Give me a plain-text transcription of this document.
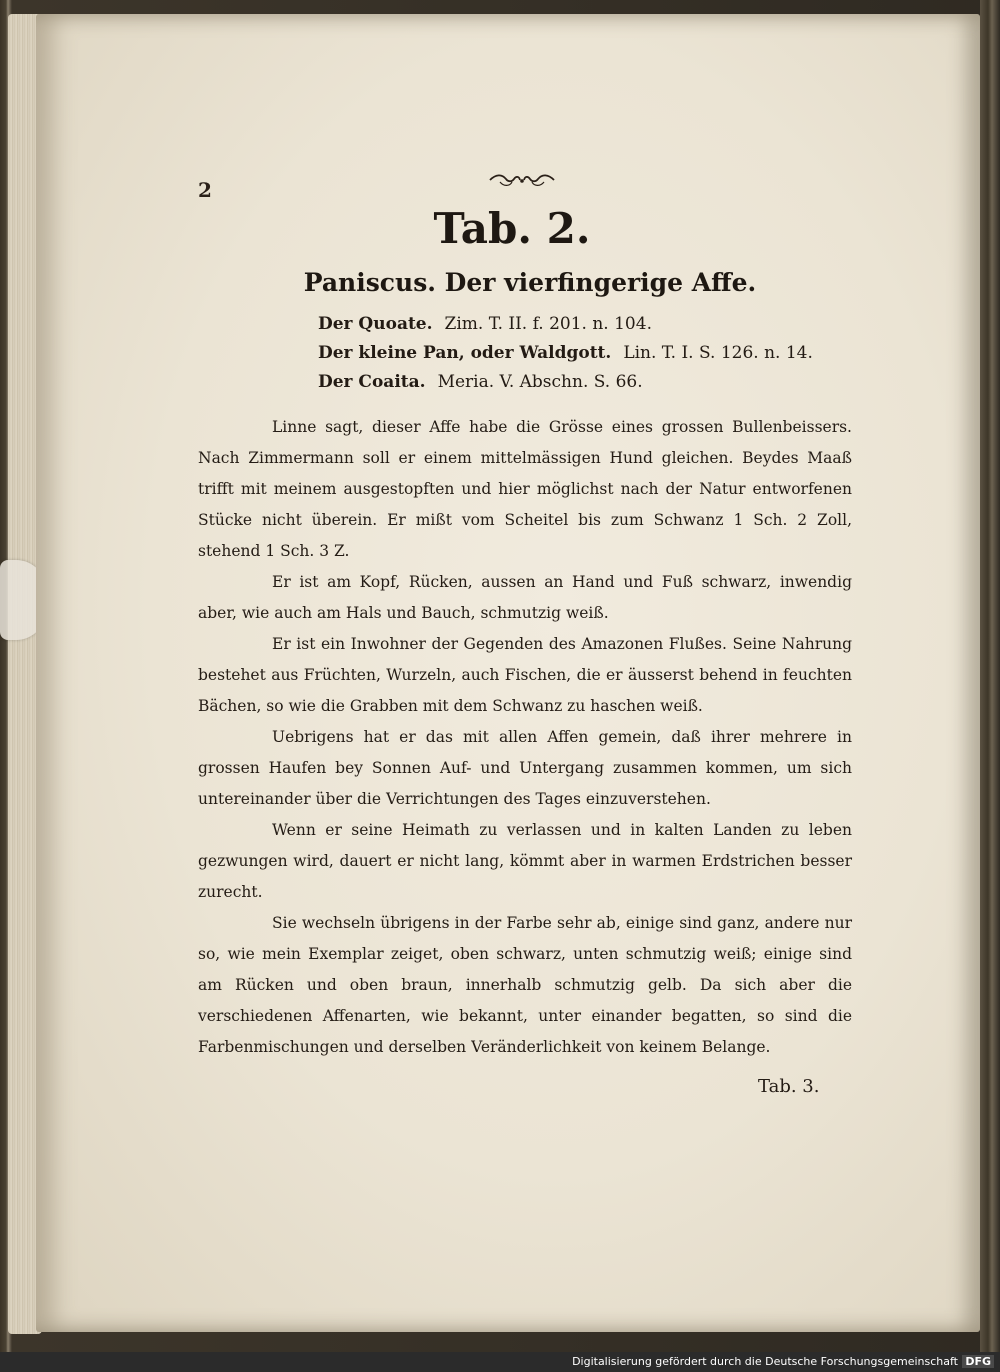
2
Tab. 2.
Paniscus. Der vierfingerige Affe.
Der Quoate. Zim. T. II. f. 201. n. 104.
Der kleine Pan, oder Waldgott. Lin. T. I. S. 126. n. 14.
Der Coaita. Meria. V. Abschn. S. 66.

Linne sagt, dieser Affe habe die Grösse eines grossen Bullenbeissers. Nach Zimmermann soll er einem mittelmässigen Hund gleichen. Beydes Maaß trifft mit meinem ausgestopften und hier möglichst nach der Natur entworfenen Stücke nicht überein. Er mißt vom Scheitel bis zum Schwanz 1 Sch. 2 Zoll, stehend 1 Sch. 3 Z.

Er ist am Kopf, Rücken, aussen an Hand und Fuß schwarz, inwendig aber, wie auch am Hals und Bauch, schmutzig weiß.

Er ist ein Inwohner der Gegenden des Amazonen Flußes. Seine Nahrung bestehet aus Früchten, Wurzeln, auch Fischen, die er äusserst behend in feuchten Bächen, so wie die Grabben mit dem Schwanz zu haschen weiß.

Uebrigens hat er das mit allen Affen gemein, daß ihrer mehrere in grossen Haufen bey Sonnen Auf- und Untergang zusammen kommen, um sich untereinander über die Verrichtungen des Tages einzuverstehen.

Wenn er seine Heimath zu verlassen und in kalten Landen zu leben gezwungen wird, dauert er nicht lang, kömmt aber in warmen Erdstrichen besser zurecht.

Sie wechseln übrigens in der Farbe sehr ab, einige sind ganz, andere nur so, wie mein Exemplar zeiget, oben schwarz, unten schmutzig weiß; einige sind am Rücken und oben braun, innerhalb schmutzig gelb. Da sich aber die verschiedenen Affenarten, wie bekannt, unter einander begatten, so sind die Farbenmischungen und derselben Veränderlichkeit von keinem Belange.

Tab. 3.
Digitalisierung gefördert durch die Deutsche Forschungsgemeinschaft DFG
